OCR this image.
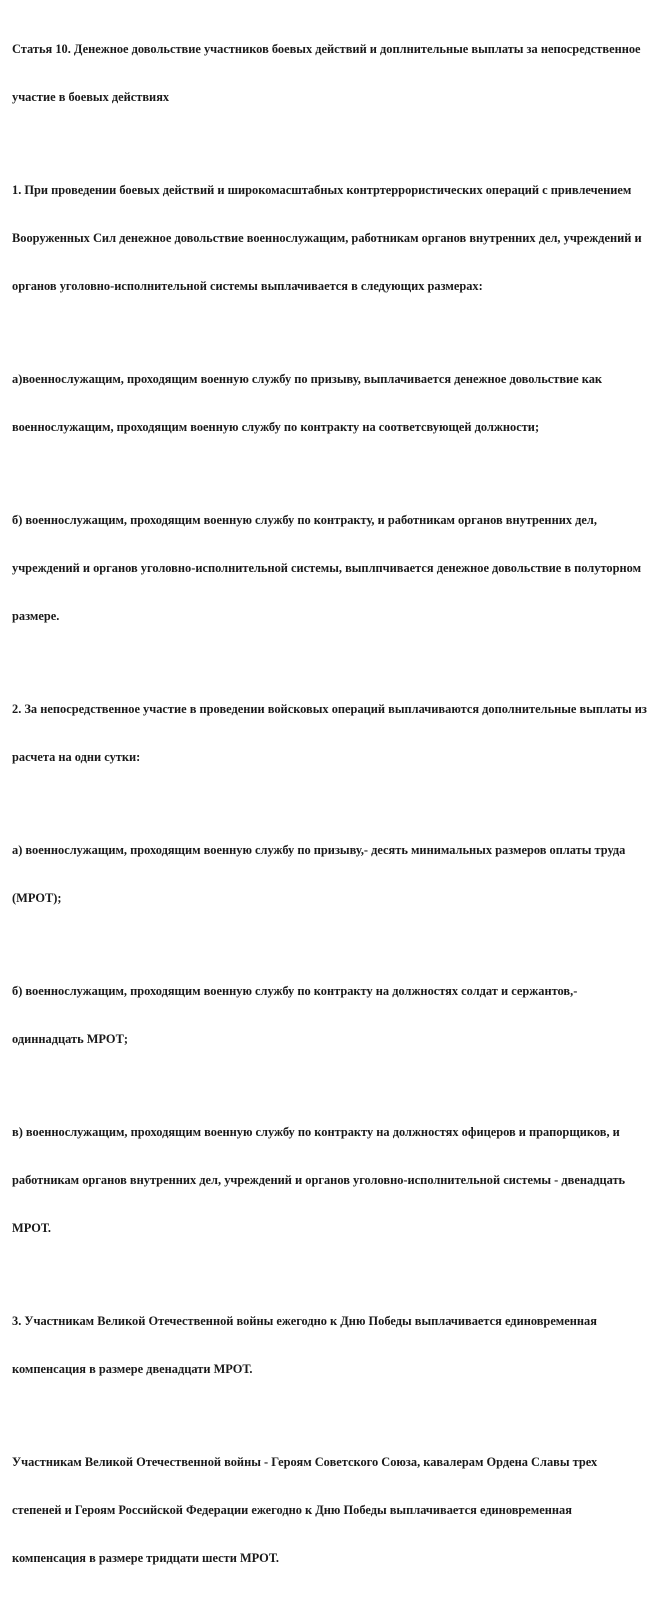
Статья 10. Денежное довольствие участников боевых действий и доплнительные выплаты за непосредственное

участие в боевых действиях

1. При проведении боевых действий и широкомасштабных контртеррористических операций с привлечением

Вооруженных Сил денежное довольствие военнослужащим, работникам органов внутренних дел, учреждений и

органов уголовно-исполнительной системы выплачивается в следующих размерах:

а)военнослужащим, проходящим военную службу по призыву, выплачивается денежное довольствие как

военнослужащим, проходящим военную службу по контракту на соответсвующей должности;

б) военнослужащим, проходящим военную службу по контракту, и работникам органов внутренних дел,

учреждений и органов уголовно-исполнительной системы, выплпчивается денежное довольствие в полуторном

размере.

2. За непосредственное участие в проведении войсковых операций выплачиваются дополнительные выплаты из

расчета на одни сутки:

а) военнослужащим, проходящим военную службу по призыву,- десять минимальных размеров оплаты труда

(МРОТ);

б) военнослужащим, проходящим военную службу по контракту на должностях солдат и сержантов,-

одиннадцать МРОТ;

в) военнослужащим, проходящим военную службу по контракту на должностях офицеров и прапорщиков, и

работникам органов внутренних дел, учреждений и органов уголовно-исполнительной системы - двенадцать

МРОТ.

3. Участникам Великой Отечественной войны ежегодно к Дню Победы выплачивается единовременная

компенсация в размере двенадцати МРОТ.

Участникам Великой Отечественной войны - Героям Советского Союза, кавалерам Ордена Славы трех

степеней и Героям Российской Федерации ежегодно к Дню Победы выплачивается единовременная

компенсация в размере тридцати шести МРОТ.
